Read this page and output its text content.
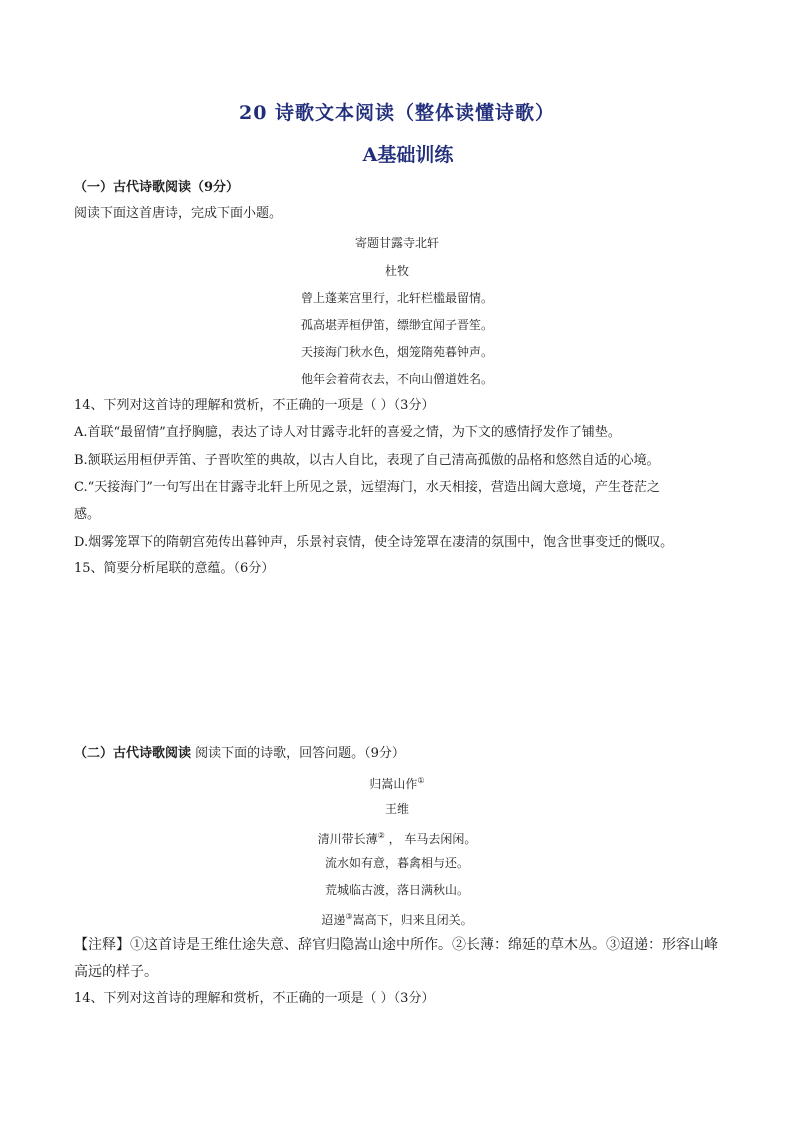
20 诗歌文本阅读（整体读懂诗歌）
A基础训练
（一）古代诗歌阅读（9分）
阅读下面这首唐诗，完成下面小题。
寄题甘露寺北轩
杜牧
曾上蓬莱宫里行，北轩栏槛最留情。
孤高堪弄桓伊笛，缥缈宜闻子晋笙。
天接海门秋水色，烟笼隋苑暮钟声。
他年会着荷衣去，不向山僧道姓名。
14、下列对这首诗的理解和赏析，不正确的一项是（ ）（3分）
A.首联“最留情”直抒胸臆，表达了诗人对甘露寺北轩的喜爱之情，为下文的感情抒发作了铺垫。
B.颔联运用桓伊弄笛、子晋吹笙的典故，以古人自比，表现了自己清高孤傲的品格和悠然自适的心境。
C.“天接海门”一句写出在甘露寺北轩上所见之景，远望海门，水天相接，营造出阔大意境，产生苍茫之
感。
D.烟雾笼罩下的隋朝宫苑传出暮钟声，乐景衬哀情，使全诗笼罩在凄清的氛围中，饱含世事变迁的慨叹。
15、简要分析尾联的意蕴。（6分）
（二）古代诗歌阅读 阅读下面的诗歌，回答问题。（9分）
归嵩山作①
王维
清川带长薄② ， 车马去闲闲。
流水如有意，暮禽相与还。
荒城临古渡，落日满秋山。
迢递③嵩高下，归来且闭关。
【注释】①这首诗是王维仕途失意、辞官归隐嵩山途中所作。②长薄：绵延的草木丛。③迢递：形容山峰
高远的样子。
14、下列对这首诗的理解和赏析，不正确的一项是（ ）（3分）
